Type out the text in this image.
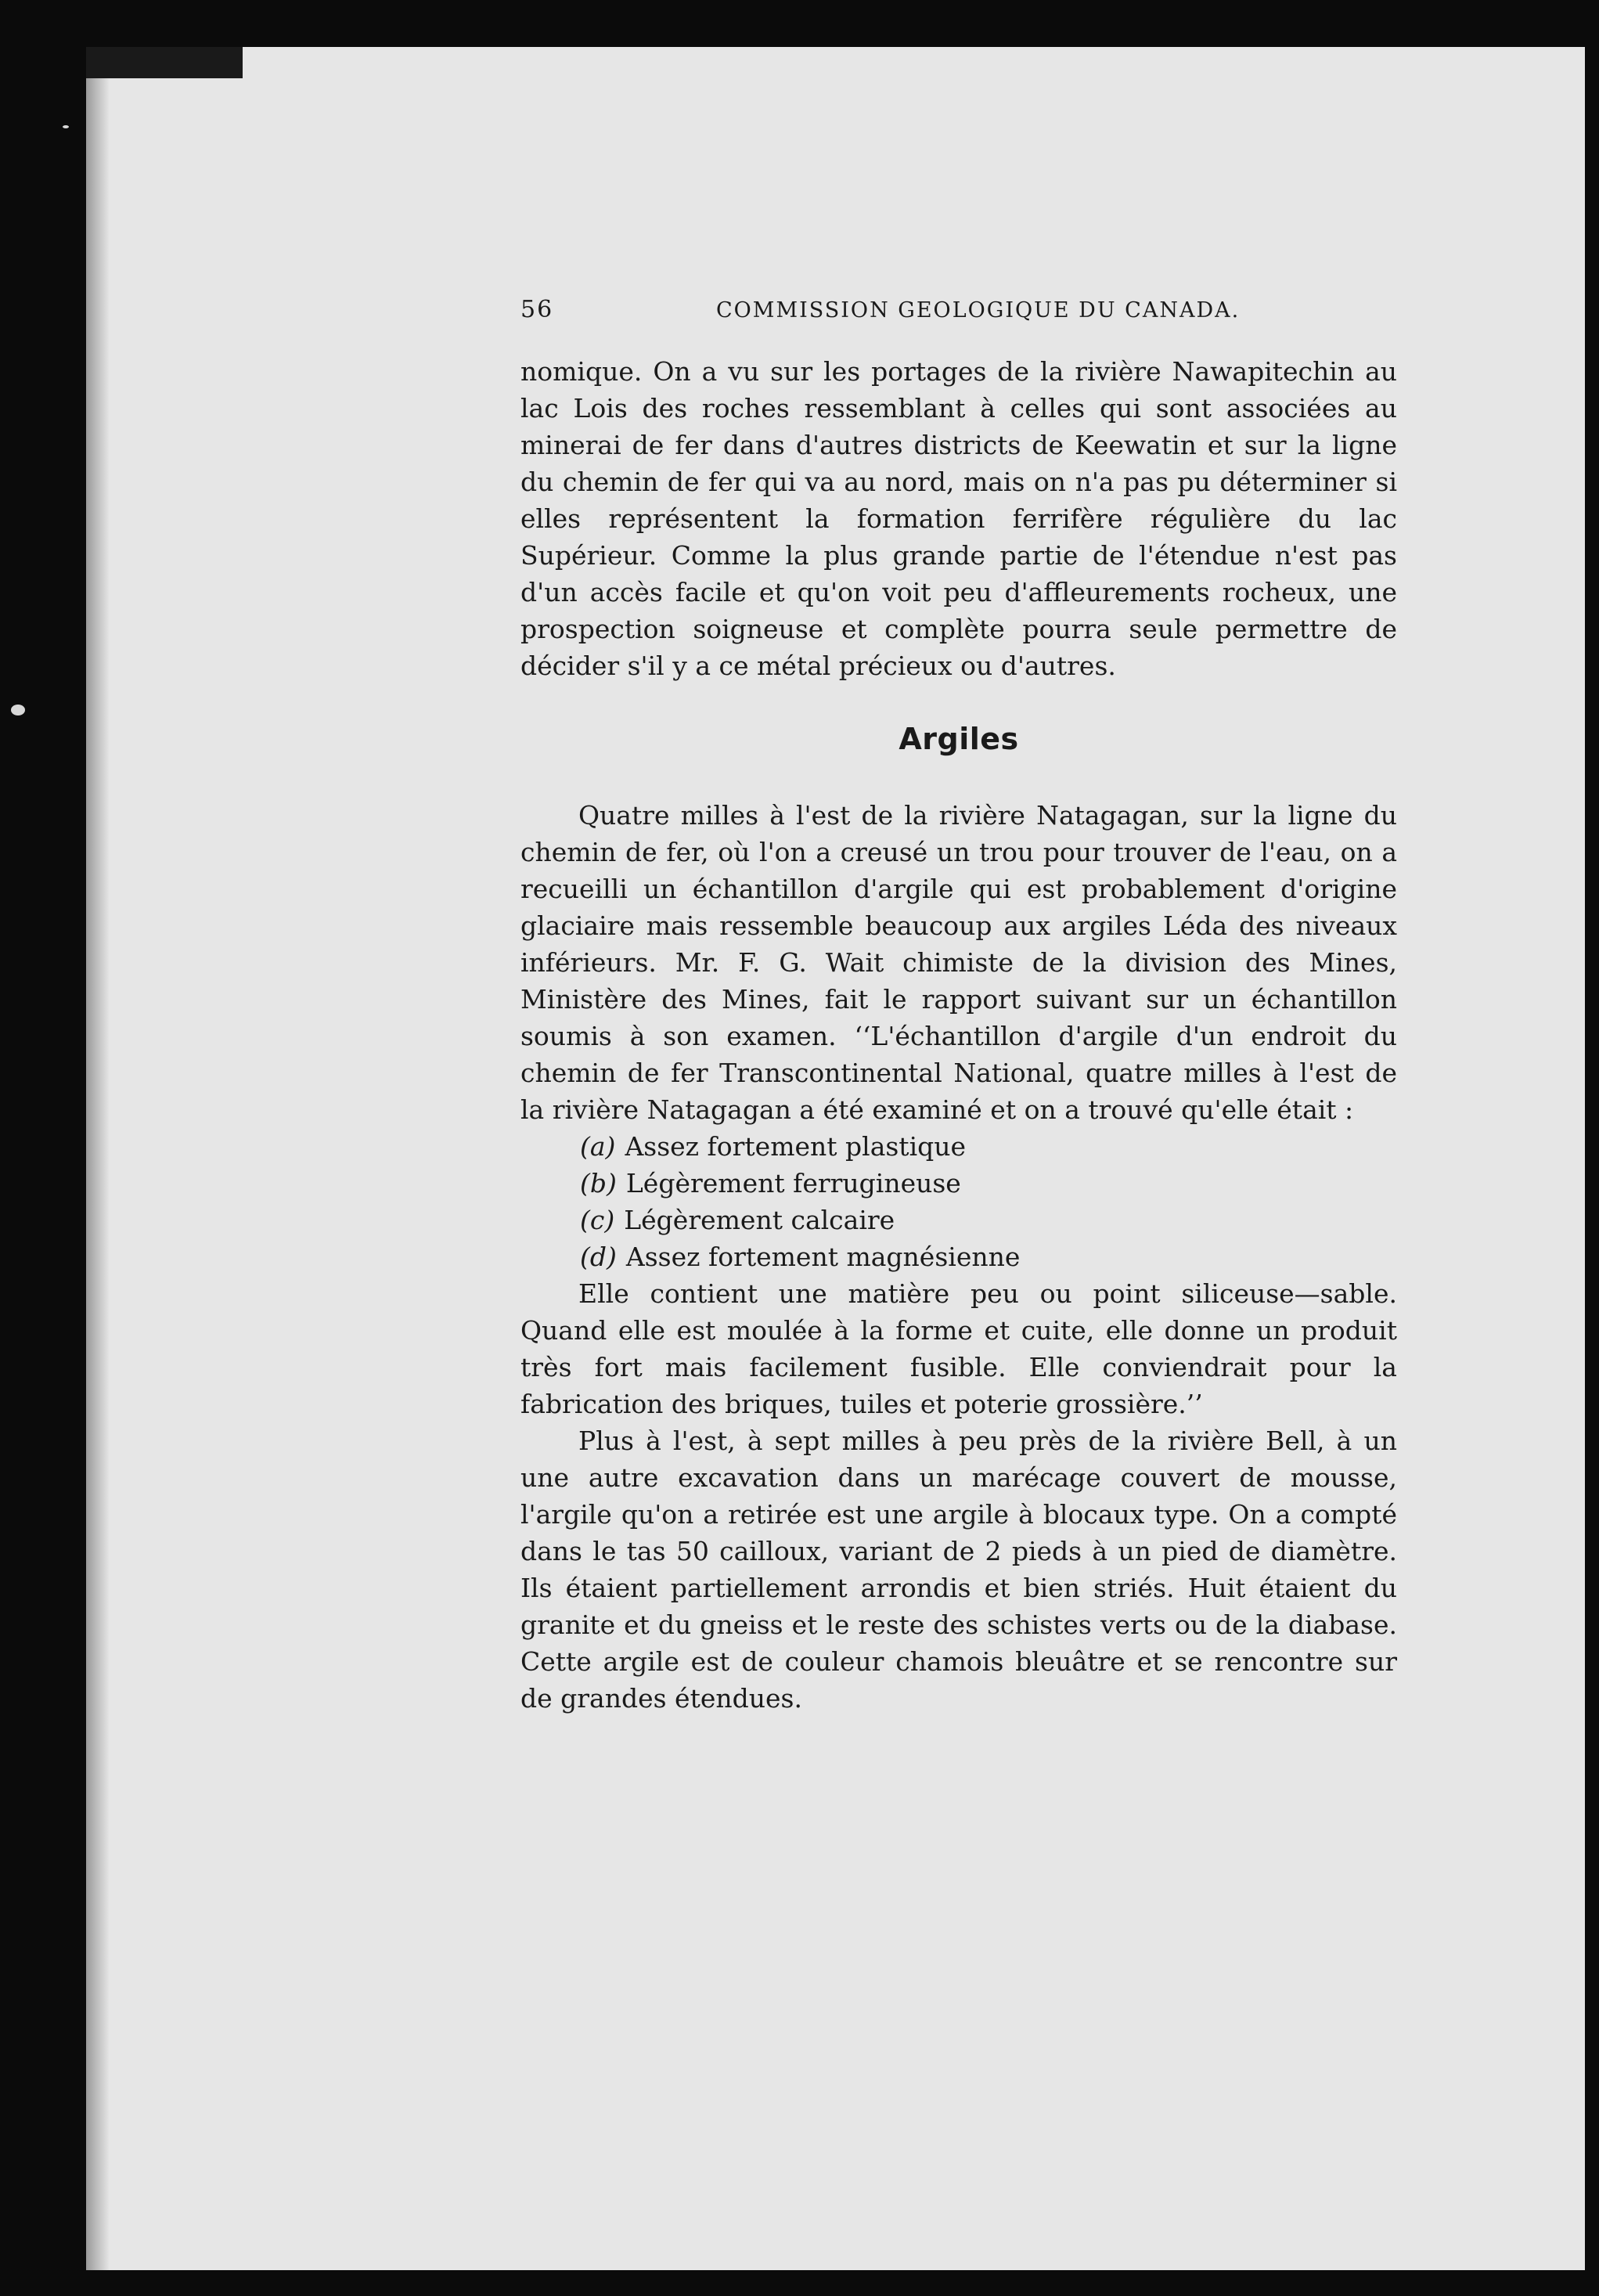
56	COMMISSION GEOLOGIQUE DU CANADA.

nomique. On a vu sur les portages de la rivière Nawapitechin au lac Lois des roches ressemblant à celles qui sont associées au minerai de fer dans d'autres districts de Keewatin et sur la ligne du chemin de fer qui va au nord, mais on n'a pas pu déterminer si elles représentent la formation ferrifère régulière du lac Supérieur. Comme la plus grande partie de l'étendue n'est pas d'un accès facile et qu'on voit peu d'affleurements rocheux, une prospection soigneuse et complète pourra seule permettre de décider s'il y a ce métal précieux ou d'autres.

Argiles

Quatre milles à l'est de la rivière Natagagan, sur la ligne du chemin de fer, où l'on a creusé un trou pour trouver de l'eau, on a recueilli un échantillon d'argile qui est probablement d'origine glaciaire mais ressemble beaucoup aux argiles Léda des niveaux inférieurs. Mr. F. G. Wait chimiste de la division des Mines, Ministère des Mines, fait le rapport suivant sur un échantillon soumis à son examen. ‘‘L'échantillon d'argile d'un endroit du chemin de fer Transcontinental National, quatre milles à l'est de la rivière Natagagan a été examiné et on a trouvé qu'elle était :

(a) Assez fortement plastique
(b) Légèrement ferrugineuse
(c) Légèrement calcaire
(d) Assez fortement magnésienne

Elle contient une matière peu ou point siliceuse—sable. Quand elle est moulée à la forme et cuite, elle donne un produit très fort mais facilement fusible. Elle conviendrait pour la fabrication des briques, tuiles et poterie grossière.’’

Plus à l'est, à sept milles à peu près de la rivière Bell, à un une autre excavation dans un marécage couvert de mousse, l'argile qu'on a retirée est une argile à blocaux type. On a compté dans le tas 50 cailloux, variant de 2 pieds à un pied de diamètre. Ils étaient partiellement arrondis et bien striés. Huit étaient du granite et du gneiss et le reste des schistes verts ou de la diabase. Cette argile est de couleur chamois bleuâtre et se rencontre sur de grandes étendues.
